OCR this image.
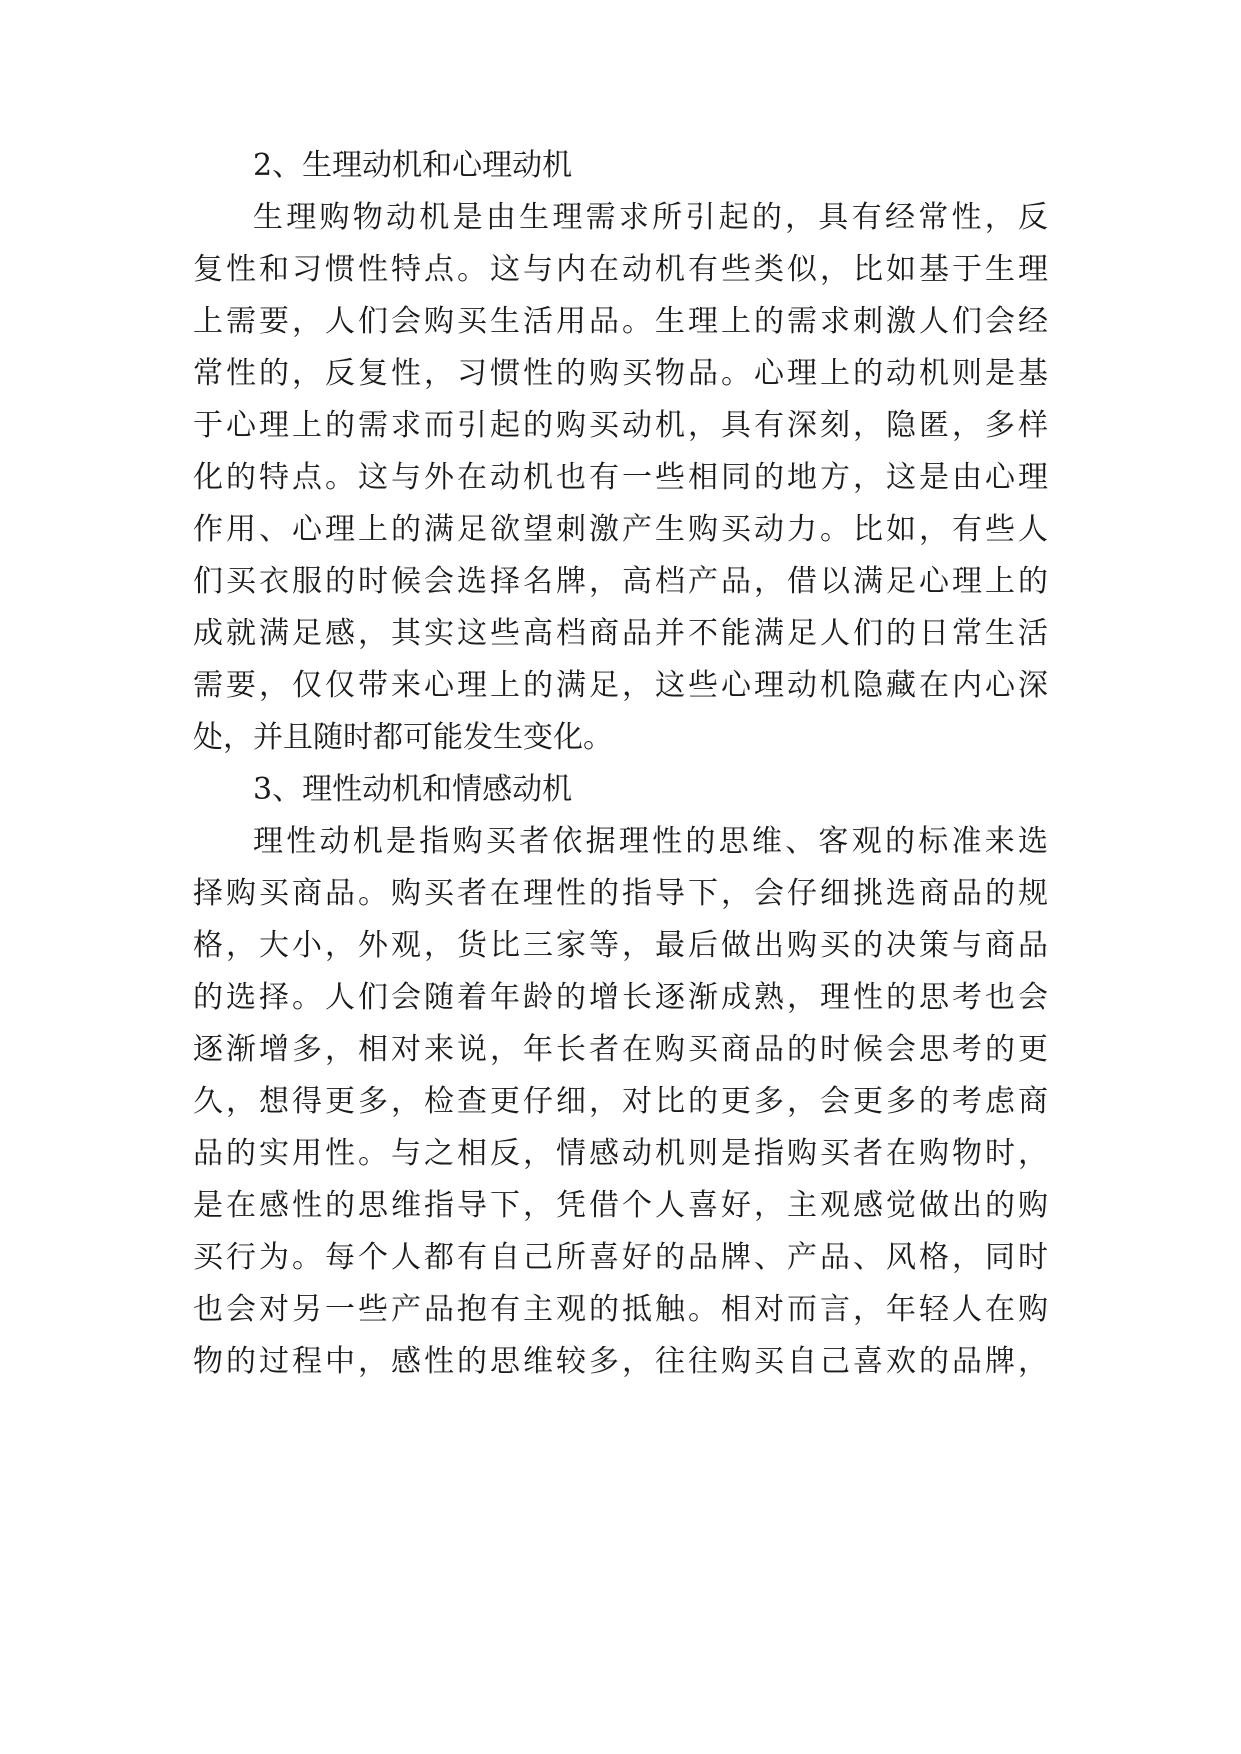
2、生理动机和心理动机
生理购物动机是由生理需求所引起的，具有经常性，反
复性和习惯性特点。这与内在动机有些类似，比如基于生理
上需要，人们会购买生活用品。生理上的需求刺激人们会经
常性的，反复性，习惯性的购买物品。心理上的动机则是基
于心理上的需求而引起的购买动机，具有深刻，隐匿，多样
化的特点。这与外在动机也有一些相同的地方，这是由心理
作用、心理上的满足欲望刺激产生购买动力。比如，有些人
们买衣服的时候会选择名牌，高档产品，借以满足心理上的
成就满足感，其实这些高档商品并不能满足人们的日常生活
需要，仅仅带来心理上的满足，这些心理动机隐藏在内心深
处，并且随时都可能发生变化。
3、理性动机和情感动机
理性动机是指购买者依据理性的思维、客观的标准来选
择购买商品。购买者在理性的指导下，会仔细挑选商品的规
格，大小，外观，货比三家等，最后做出购买的决策与商品
的选择。人们会随着年龄的增长逐渐成熟，理性的思考也会
逐渐增多，相对来说，年长者在购买商品的时候会思考的更
久，想得更多，检查更仔细，对比的更多，会更多的考虑商
品的实用性。与之相反，情感动机则是指购买者在购物时，
是在感性的思维指导下，凭借个人喜好，主观感觉做出的购
买行为。每个人都有自己所喜好的品牌、产品、风格，同时
也会对另一些产品抱有主观的抵触。相对而言，年轻人在购
物的过程中，感性的思维较多，往往购买自己喜欢的品牌，
